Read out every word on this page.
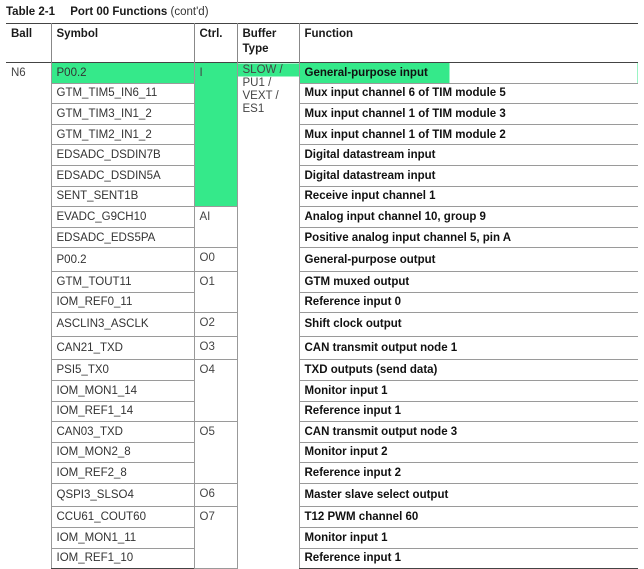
Table 2-1 Port 00 Functions (cont'd)
Ball	Symbol	Ctrl.	Buffer Type	Function
N6	P00.2	I	SLOW / PU1 / VEXT / ES1	General-purpose input
	GTM_TIM5_IN6_11			Mux input channel 6 of TIM module 5
	GTM_TIM3_IN1_2			Mux input channel 1 of TIM module 3
	GTM_TIM2_IN1_2			Mux input channel 1 of TIM module 2
	EDSADC_DSDIN7B			Digital datastream input
	EDSADC_DSDIN5A			Digital datastream input
	SENT_SENT1B			Receive input channel 1
	EVADC_G9CH10	AI		Analog input channel 10, group 9
	EDSADC_EDS5PA			Positive analog input channel 5, pin A
	P00.2	O0		General-purpose output
	GTM_TOUT11	O1		GTM muxed output
	IOM_REF0_11			Reference input 0
	ASCLIN3_ASCLK	O2		Shift clock output
	CAN21_TXD	O3		CAN transmit output node 1
	PSI5_TX0	O4		TXD outputs (send data)
	IOM_MON1_14			Monitor input 1
	IOM_REF1_14			Reference input 1
	CAN03_TXD	O5		CAN transmit output node 3
	IOM_MON2_8			Monitor input 2
	IOM_REF2_8			Reference input 2
	QSPI3_SLSO4	O6		Master slave select output
	CCU61_COUT60	O7		T12 PWM channel 60
	IOM_MON1_11			Monitor input 1
	IOM_REF1_10			Reference input 1
